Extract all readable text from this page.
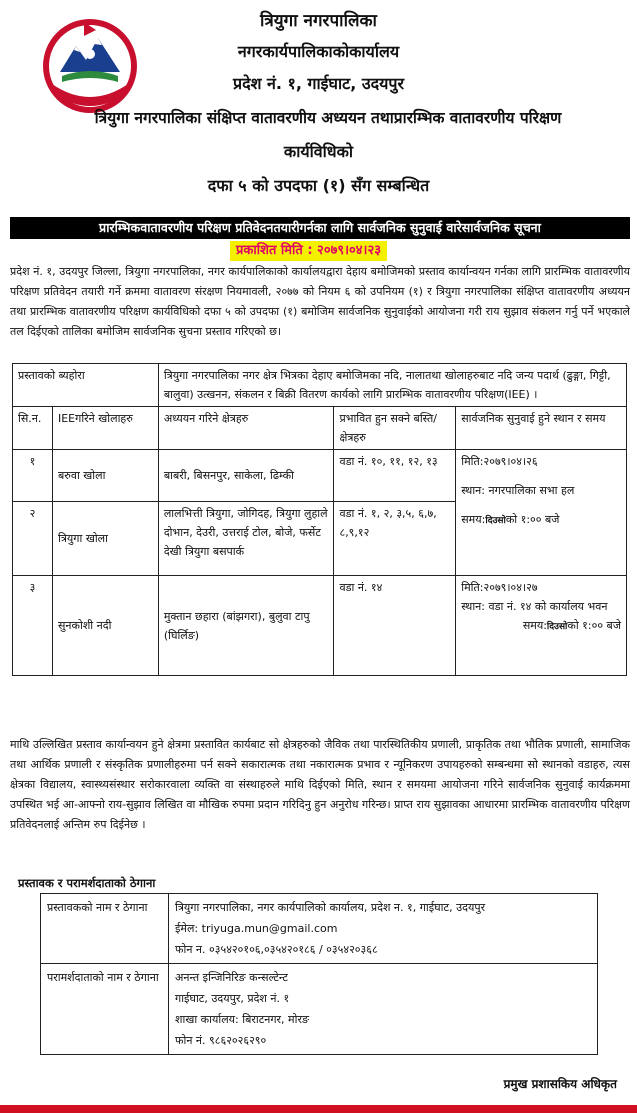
त्रियुगा नगरपालिका
नगरकार्यपालिकाकोकार्यालय
प्रदेश नं. १, गाईघाट, उदयपुर
त्रियुगा नगरपालिका संक्षिप्त वातावरणीय अध्ययन तथाप्रारम्भिक वातावरणीय परिक्षण
कार्यविधिको
दफा ५ को उपदफा (१) सँग सम्बन्धित
प्रारम्भिकवातावरणीय परिक्षण प्रतिवेदनतयारीगर्नका लागि सार्वजनिक सुनुवाई वारेसार्वजनिक सूचना
प्रकाशित मिति : २०७९।०४।२३
प्रदेश नं. १, उदयपुर जिल्ला, त्रियुगा नगरपालिका, नगर कार्यपालिकाको कार्यालयद्वारा देहाय बमोजिमको प्रस्ताव कार्यान्वयन गर्नका लागि प्रारम्भिक वातावरणीय परिक्षण प्रतिवेदन तयारी गर्ने क्रममा वातावरण संरक्षण नियमावली, २०७७ को नियम ६ को उपनियम (१) र त्रियुगा नगरपालिका संक्षिप्त वातावरणीय अध्ययन तथा प्रारम्भिक वातावरणीय परिक्षण कार्यविधिको दफा ५ को उपदफा (१) बमोजिम सार्वजनिक सुनुवाईको आयोजना गरी राय सुझाव संकलन गर्नु पर्ने भएकाले तल दिईएको तालिका बमोजिम सार्वजनिक सुचना प्रस्ताव गरिएको छ।
प्रस्तावको ब्यहोरा		त्रियुगा नगरपालिका नगर क्षेत्र भित्रका देहाए बमोजिमका नदि, नालातथा खोलाहरुबाट नदि जन्य पदार्थ (ढुङ्गा, गिट्टी, बालुवा) उत्खनन, संकलन र बिक्री वितरण कार्यको लागि प्रारम्भिक वातावरणीय परिक्षण(IEE) ।		
सि.न.	IEEगरिने खोलाहरु	अध्ययन गरिने क्षेत्रहरु	प्रभावित हुन सक्ने बस्ति/क्षेत्रहरु	सार्वजनिक सुनुवाई हुने स्थान र समय
१	बरुवा खोला	बाबरी, बिसनपुर, साकेला, ढिम्की	वडा नं. १०, ११, १२, १३	मिति:२०७९।०४।२६
स्थान: नगरपालिका सभा हल
समय:दिउसोको १:०० बजे

२	त्रियुगा खोला	लालभित्ती त्रियुगा, जोगिदह, त्रियुगा लुहाले दोभान, देउरी, उत्तराई टोल, बोजे, फर्सेट देखी त्रियुगा बसपार्क	वडा नं. १, २, ३,५, ६,७, ८,९,१२	
३	सुनकोशी नदी	मुक्तान छहारा (बांझगरा), बुलुवा टापु (घिर्लिङ)	वडा नं. १४	मिति:२०७९।०४।२७
स्थान: वडा नं. १४ को कार्यालय भवन
समय:दिउसोको १:०० बजे
माथि उल्लिखित प्रस्ताव कार्यान्वयन हुने क्षेत्रमा प्रस्तावित कार्यबाट सो क्षेत्रहरुको जैविक तथा पारस्थितिकीय प्रणाली, प्राकृतिक तथा भौतिक प्रणाली, सामाजिक तथा आर्थिक प्रणाली र संस्कृतिक प्रणालीहरुमा पर्न सक्ने सकारात्मक तथा नकारात्मक प्रभाव र न्यूनिकरण उपायहरुको सम्बन्धमा सो स्थानको वडाहरु, त्यस क्षेत्रका विद्यालय, स्वास्थ्यसंस्थार सरोकारवाला व्यक्ति वा संस्थाहरुले माथि दिईएको मिति, स्थान र समयमा आयोजना गरिने सार्वजनिक सुनुवाई कार्यक्रममा उपस्थित भई आ-आफ्नो राय-सुझाव लिखित वा मौखिक रुपमा प्रदान गरिदिनु हुन अनुरोध गरिन्छ। प्राप्त राय सुझावका आधारमा प्रारम्भिक वातावरणीय परिक्षण प्रतिवेदनलाई अन्तिम रुप दिईनेछ ।
प्रस्तावक र परामर्शदाताको ठेगाना
प्रस्तावकको नाम र ठेगाना	त्रियुगा नगरपालिका, नगर कार्यपालिको कार्यालय, प्रदेश न. १, गाईघाट, उदयपुर
ईमेल: triyuga.mun@gmail.com
फोन न. ०३५४२०१०६,०३५४२०१८६ / ०३५४२०३६८

परामर्शदाताको नाम र ठेगाना	अनन्त इन्जिनिरिङ कन्सल्टेन्ट
गाईघाट, उदयपुर, प्रदेश नं. १
शाखा कार्यालय: बिराटनगर, मोरङ
फोन नं. ९८६२०२६२९०
प्रमुख प्रशासकिय अधिकृत
